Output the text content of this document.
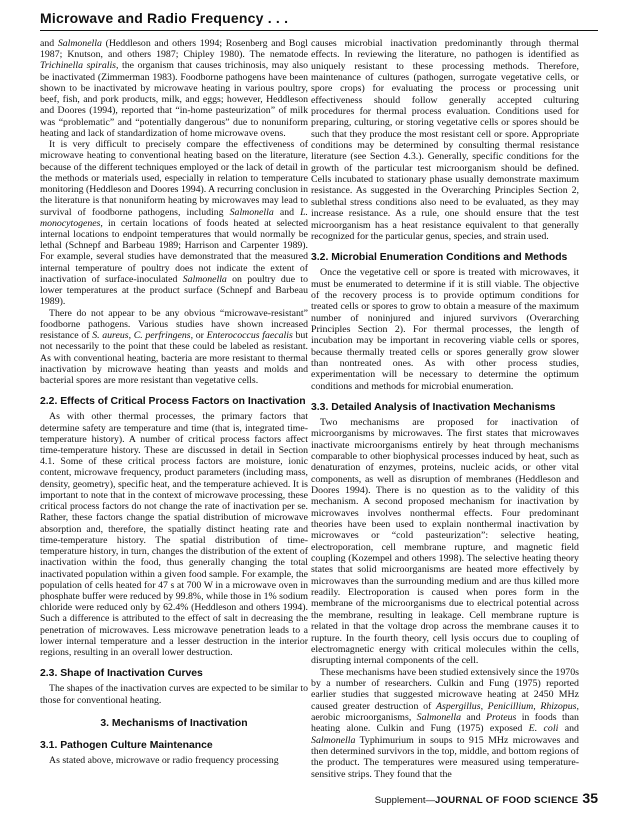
Microwave and Radio Frequency . . .

and Salmonella (Heddleson and others 1994; Rosenberg and Bogl 1987; Knutson, and others 1987; Chipley 1980). The nematode Trichinella spiralis, the organism that causes trichinosis, may also be inactivated (Zimmerman 1983). Foodborne pathogens have been shown to be inactivated by microwave heating in various poultry, beef, fish, and pork products, milk, and eggs; however, Heddleson and Doores (1994), reported that “in-home pasteurization” of milk was “problematic” and “potentially dangerous” due to nonuniform heating and lack of standardization of home microwave ovens.

It is very difficult to precisely compare the effectiveness of microwave heating to conventional heating based on the literature, because of the different techniques employed or the lack of detail in the methods or materials used, especially in relation to temperature monitoring (Heddleson and Doores 1994). A recurring conclusion in the literature is that nonuniform heating by microwaves may lead to survival of foodborne pathogens, including Salmonella and L. monocytogenes, in certain locations of foods heated at selected internal locations to endpoint temperatures that would normally be lethal (Schnepf and Barbeau 1989; Harrison and Carpenter 1989). For example, several studies have demonstrated that the measured internal temperature of poultry does not indicate the extent of inactivation of surface-inoculated Salmonella on poultry due to lower temperatures at the product surface (Schnepf and Barbeau 1989).

There do not appear to be any obvious “microwave-resistant” foodborne pathogens. Various studies have shown increased resistance of S. aureus, C. perfringens, or Enterococcus faecalis but not necessarily to the point that these could be labeled as resistant. As with conventional heating, bacteria are more resistant to thermal inactivation by microwave heating than yeasts and molds and bacterial spores are more resistant than vegetative cells.

2.2. Effects of Critical Process Factors on Inactivation

As with other thermal processes, the primary factors that determine safety are temperature and time (that is, integrated time-temperature history). A number of critical process factors affect time-temperature history. These are discussed in detail in Section 4.1. Some of these critical process factors are moisture, ionic content, microwave frequency, product parameters (including mass, density, geometry), specific heat, and the temperature achieved. It is important to note that in the context of microwave processing, these critical process factors do not change the rate of inactivation per se. Rather, these factors change the spatial distribution of microwave absorption and, therefore, the spatially distinct heating rate and time-temperature history. The spatial distribution of time-temperature history, in turn, changes the distribution of the extent of inactivation within the food, thus generally changing the total inactivated population within a given food sample. For example, the population of cells heated for 47 s at 700 W in a microwave oven in phosphate buffer were reduced by 99.8%, while those in 1% sodium chloride were reduced only by 62.4% (Heddleson and others 1994). Such a difference is attributed to the effect of salt in decreasing the penetration of microwaves. Less microwave penetration leads to a lower internal temperature and a lesser destruction in the interior regions, resulting in an overall lower destruction.

2.3. Shape of Inactivation Curves

The shapes of the inactivation curves are expected to be similar to those for conventional heating.

3. Mechanisms of Inactivation
3.1. Pathogen Culture Maintenance

As stated above, microwave or radio frequency processing

causes microbial inactivation predominantly through thermal effects. In reviewing the literature, no pathogen is identified as uniquely resistant to these processing methods. Therefore, maintenance of cultures (pathogen, surrogate vegetative cells, or spore crops) for evaluating the process or processing unit effectiveness should follow generally accepted culturing procedures for thermal process evaluation. Conditions used for preparing, culturing, or storing vegetative cells or spores should be such that they produce the most resistant cell or spore. Appropriate conditions may be determined by consulting thermal resistance literature (see Section 4.3.). Generally, specific conditions for the growth of the particular test microorganism should be defined. Cells incubated to stationary phase usually demonstrate maximum resistance. As suggested in the Overarching Principles Section 2, sublethal stress conditions also need to be evaluated, as they may increase resistance. As a rule, one should ensure that the test microorganism has a heat resistance equivalent to that generally recognized for the particular genus, species, and strain used.

3.2. Microbial Enumeration Conditions and Methods

Once the vegetative cell or spore is treated with microwaves, it must be enumerated to determine if it is still viable. The objective of the recovery process is to provide optimum conditions for treated cells or spores to grow to obtain a measure of the maximum number of noninjured and injured survivors (Overarching Principles Section 2). For thermal processes, the length of incubation may be important in recovering viable cells or spores, because thermally treated cells or spores generally grow slower than nontreated ones. As with other process studies, experimentation will be necessary to determine the optimum conditions and methods for microbial enumeration.

3.3. Detailed Analysis of Inactivation Mechanisms

Two mechanisms are proposed for inactivation of microorganisms by microwaves. The first states that microwaves inactivate microorganisms entirely by heat through mechanisms comparable to other biophysical processes induced by heat, such as denaturation of enzymes, proteins, nucleic acids, or other vital components, as well as disruption of membranes (Heddleson and Doores 1994). There is no question as to the validity of this mechanism. A second proposed mechanism for inactivation by microwaves involves nonthermal effects. Four predominant theories have been used to explain nonthermal inactivation by microwaves or “cold pasteurization”: selective heating, electroporation, cell membrane rupture, and magnetic field coupling (Kozempel and others 1998). The selective heating theory states that solid microorganisms are heated more effectively by microwaves than the surrounding medium and are thus killed more readily. Electroporation is caused when pores form in the membrane of the microorganisms due to electrical potential across the membrane, resulting in leakage. Cell membrane rupture is related in that the voltage drop across the membrane causes it to rupture. In the fourth theory, cell lysis occurs due to coupling of electromagnetic energy with critical molecules within the cells, disrupting internal components of the cell.

These mechanisms have been studied extensively since the 1970s by a number of researchers. Culkin and Fung (1975) reported earlier studies that suggested microwave heating at 2450 MHz caused greater destruction of Aspergillus, Penicillium, Rhizopus, aerobic microorganisms, Salmonella and Proteus in foods than heating alone. Culkin and Fung (1975) exposed E. coli and Salmonella Typhimurium in soups to 915 MHz microwaves and then determined survivors in the top, middle, and bottom regions of the product. The temperatures were measured using temperature-sensitive strips. They found that the

Supplement—JOURNAL OF FOOD SCIENCE 35
